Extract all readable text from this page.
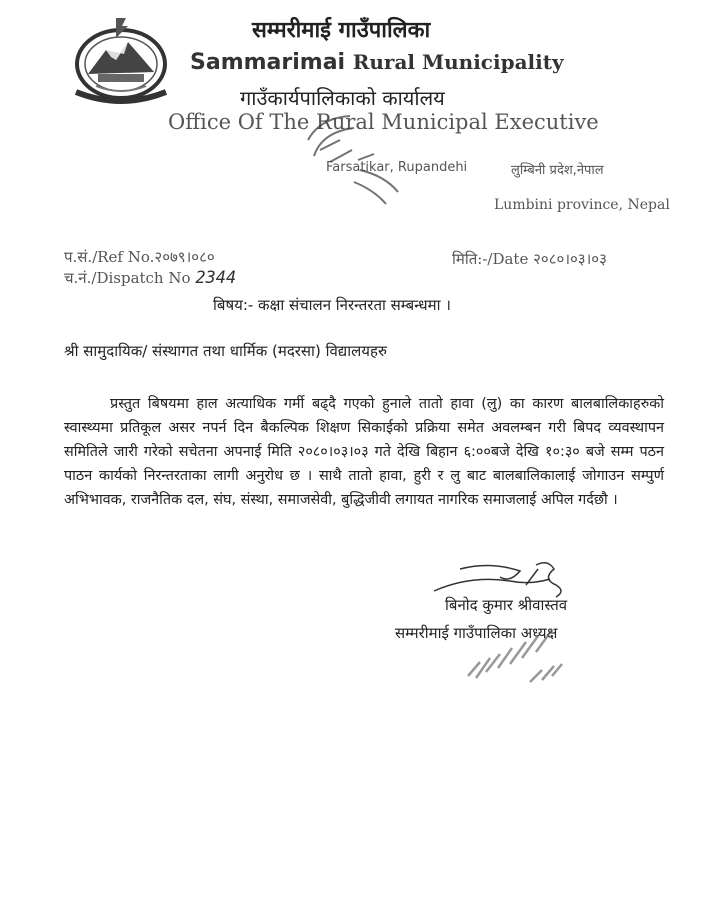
सम्मरीमाई गाउँपालिका
Sammarimai Rural Municipality
गाउँकार्यपालिकाको कार्यालय
Office Of The Rural Municipal Executive
Farsatikar, Rupandehi	लुम्बिनी प्रदेश,नेपाल
Lumbini province, Nepal
प.सं./Ref No.२०७९।०८०
च.नं./Dispatch No 2344
मिति:-/Date २०८०।०३।०३
बिषय:- कक्षा संचालन निरन्तरता सम्बन्धमा ।
श्री सामुदायिक/ संस्थागत तथा धार्मिक (मदरसा) विद्यालयहरु
प्रस्तुत बिषयमा हाल अत्याधिक गर्मी बढ्दै गएको हुनाले तातो हावा (लु) का कारण बालबालिकाहरुको स्वास्थ्यमा प्रतिकूल असर नपर्न दिन बैकल्पिक शिक्षण सिकाईको प्रक्रिया समेत अवलम्बन गरी बिपद व्यवस्थापन समितिले जारी गरेको सचेतना अपनाई मिति २०८०।०३।०३ गते देखि बिहान ६:००बजे देखि १०:३० बजे सम्म पठन पाठन कार्यको निरन्तरताका लागी अनुरोध छ । साथै तातो हावा, हुरी र लु बाट बालबालिकालाई जोगाउन सम्पुर्ण अभिभावक, राजनैतिक दल, संघ, संस्था, समाजसेवी, बुद्धिजीवी लगायत नागरिक समाजलाई अपिल गर्दछौ ।
बिनोद कुमार श्रीवास्तव
सम्मरीमाई गाउँपालिका अध्यक्ष
